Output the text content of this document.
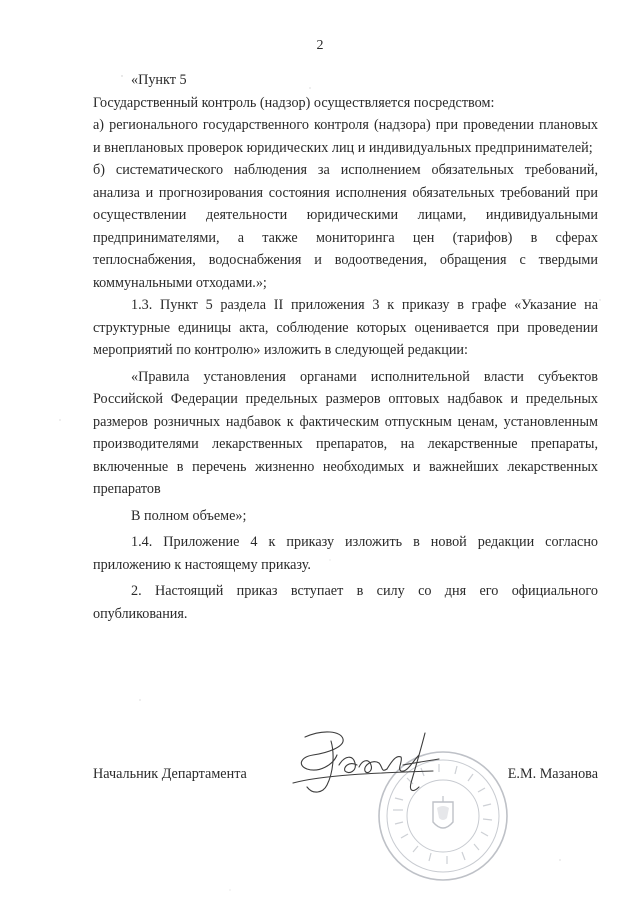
2

«Пункт 5

Государственный контроль (надзор) осуществляется посредством:

а) регионального государственного контроля (надзора) при проведении плановых и внеплановых проверок юридических лиц и индивидуальных предпринимателей;

б) систематического наблюдения за исполнением обязательных требований, анализа и прогнозирования состояния исполнения обязательных требований при осуществлении деятельности юридическими лицами, индивидуальными предпринимателями, а также мониторинга цен (тарифов) в сферах теплоснабжения, водоснабжения и водоотведения, обращения с твердыми коммунальными отходами.»;

1.3. Пункт 5 раздела II приложения 3 к приказу в графе «Указание на структурные единицы акта, соблюдение которых оценивается при проведении мероприятий по контролю» изложить в следующей редакции:

«Правила установления органами исполнительной власти субъектов Российской Федерации предельных размеров оптовых надбавок и предельных размеров розничных надбавок к фактическим отпускным ценам, установленным производителями лекарственных препаратов, на лекарственные препараты, включенные в перечень жизненно необходимых и важнейших лекарственных препаратов

В полном объеме»;

1.4. Приложение 4 к приказу изложить в новой редакции согласно приложению к настоящему приказу.

2. Настоящий приказ вступает в силу со дня его официального опубликования.

Начальник Департамента	Е.М. Мазанова
